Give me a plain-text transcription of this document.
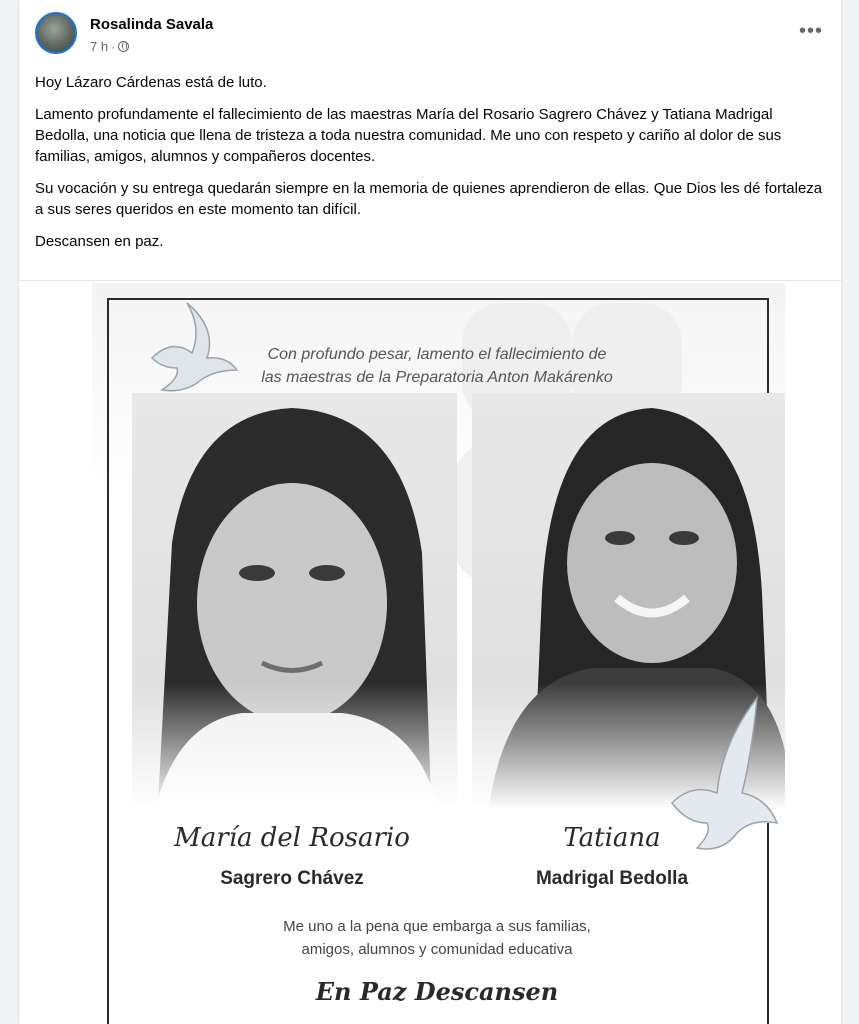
Rosalinda Savala
7 h ·
•••

Hoy Lázaro Cárdenas está de luto.

Lamento profundamente el fallecimiento de las maestras María del Rosario Sagrero Chávez y Tatiana Madrigal Bedolla, una noticia que llena de tristeza a toda nuestra comunidad. Me uno con respeto y cariño al dolor de sus familias, amigos, alumnos y compañeros docentes.

Su vocación y su entrega quedarán siempre en la memoria de quienes aprendieron de ellas. Que Dios les dé fortaleza a sus seres queridos en este momento tan difícil.

Descansen en paz.

Con profundo pesar, lamento el fallecimiento de
las maestras de la Preparatoria Anton Makárenko
María del Rosario
Sagrero Chávez
Tatiana
Madrigal Bedolla
Me uno a la pena que embarga a sus familias,
amigos, alumnos y comunidad educativa
En Paz Descansen
